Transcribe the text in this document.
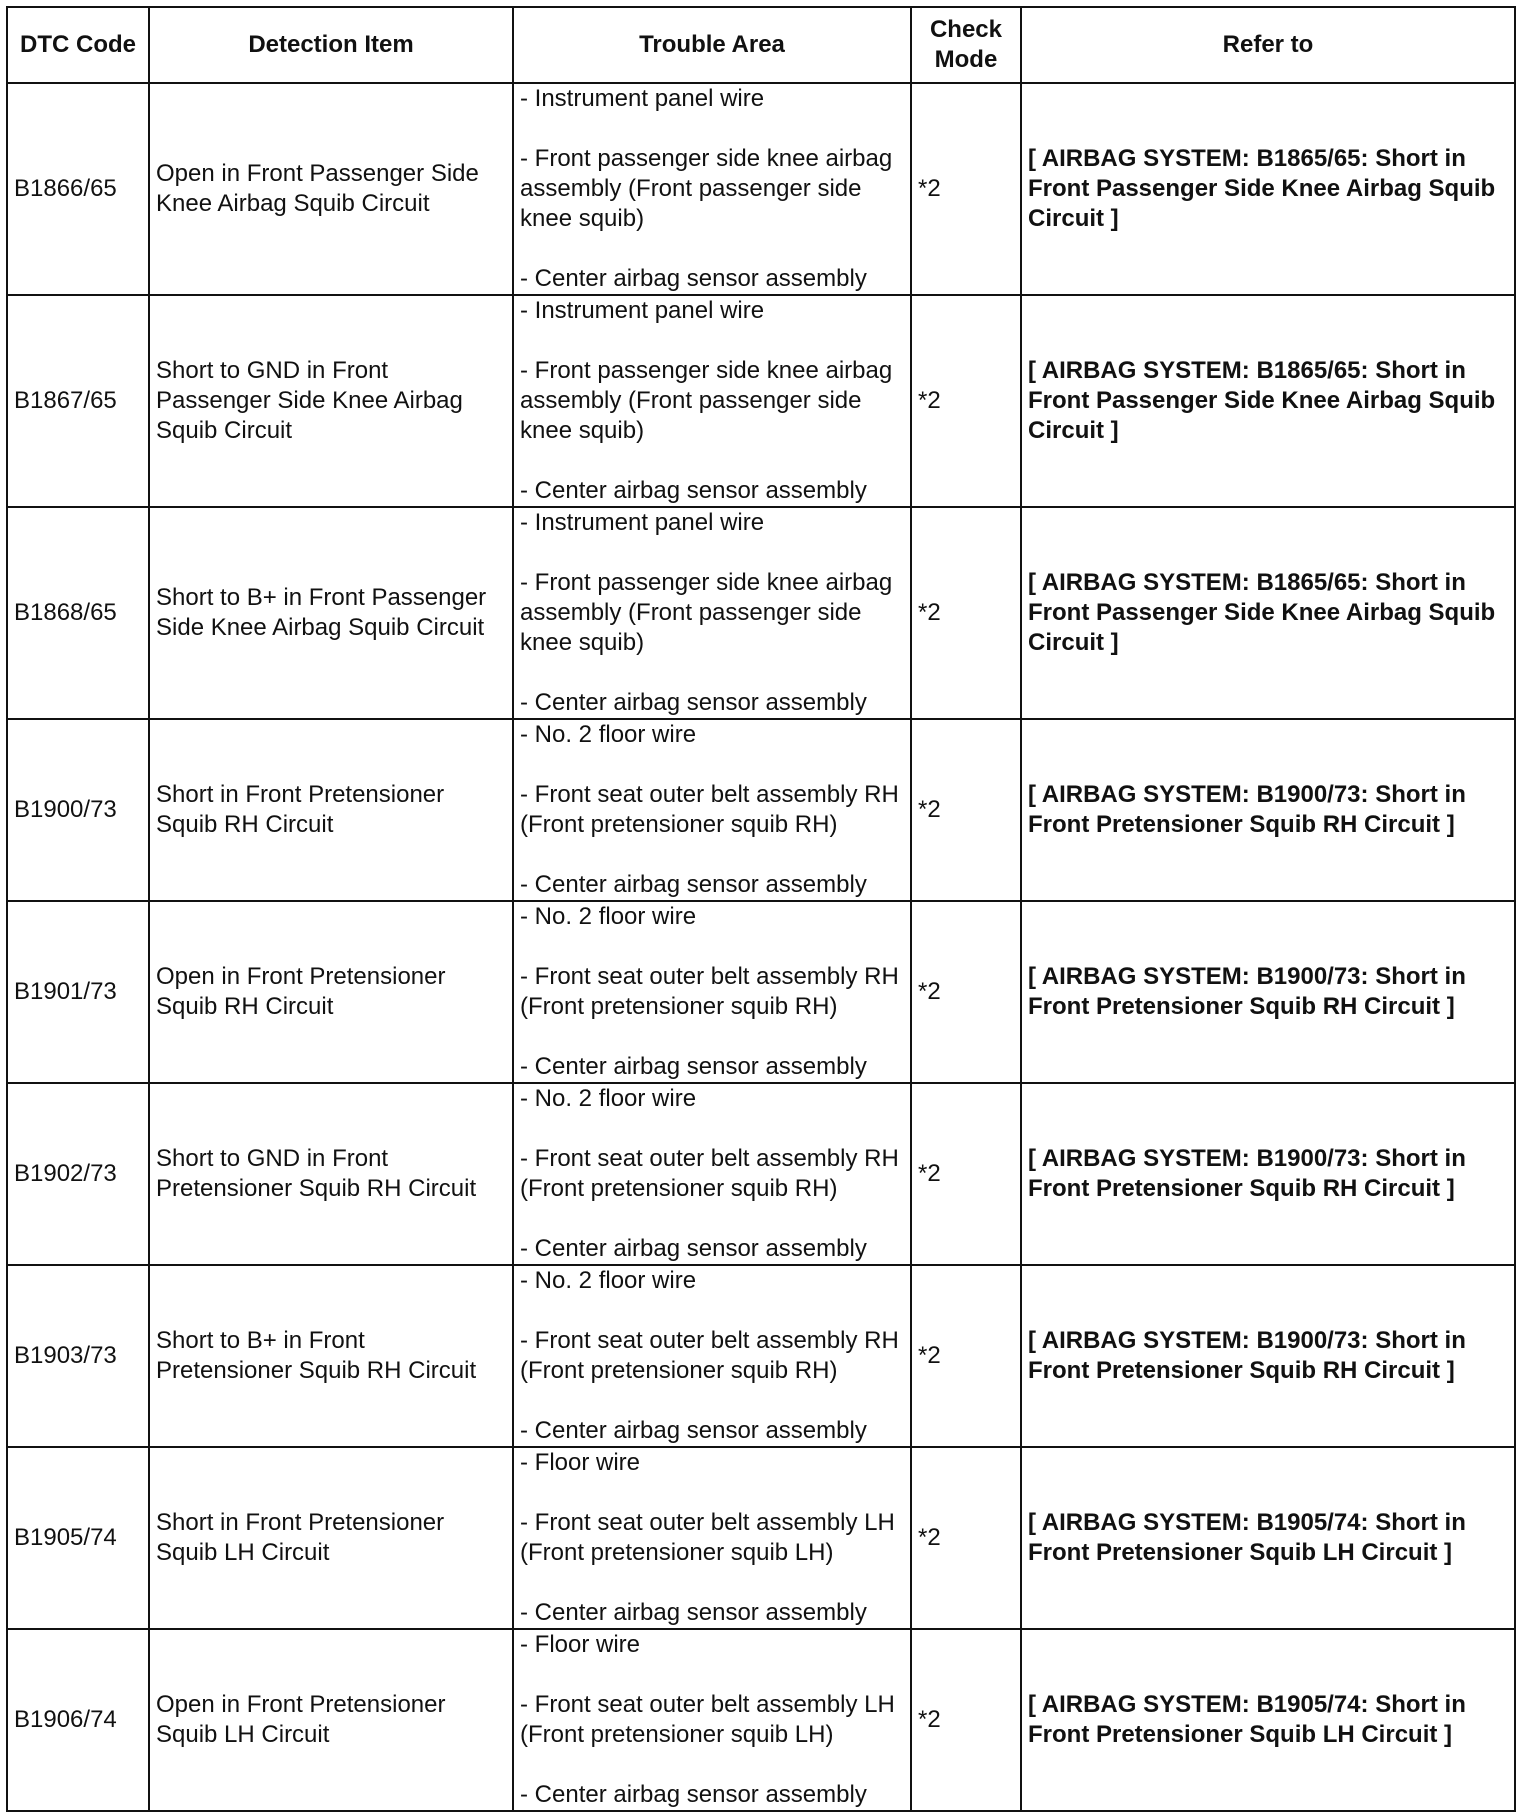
DTC Code	Detection Item	Trouble Area	Check
Mode	Refer to
B1866/65	Open in Front Passenger Side Knee Airbag Squib Circuit	- Instrument panel wire
- Front passenger side knee airbag assembly (Front passenger side knee squib)
- Center airbag sensor assembly	*2	[ AIRBAG SYSTEM: B1865/65: Short in Front Passenger Side Knee Airbag Squib Circuit ]
B1867/65	Short to GND in Front Passenger Side Knee Airbag Squib Circuit	- Instrument panel wire
- Front passenger side knee airbag assembly (Front passenger side knee squib)
- Center airbag sensor assembly	*2	[ AIRBAG SYSTEM: B1865/65: Short in Front Passenger Side Knee Airbag Squib Circuit ]
B1868/65	Short to B+ in Front Passenger Side Knee Airbag Squib Circuit	- Instrument panel wire
- Front passenger side knee airbag assembly (Front passenger side knee squib)
- Center airbag sensor assembly	*2	[ AIRBAG SYSTEM: B1865/65: Short in Front Passenger Side Knee Airbag Squib Circuit ]
B1900/73	Short in Front Pretensioner Squib RH Circuit	- No. 2 floor wire
- Front seat outer belt assembly RH (Front pretensioner squib RH)
- Center airbag sensor assembly	*2	[ AIRBAG SYSTEM: B1900/73: Short in Front Pretensioner Squib RH Circuit ]
B1901/73	Open in Front Pretensioner Squib RH Circuit	- No. 2 floor wire
- Front seat outer belt assembly RH (Front pretensioner squib RH)
- Center airbag sensor assembly	*2	[ AIRBAG SYSTEM: B1900/73: Short in Front Pretensioner Squib RH Circuit ]
B1902/73	Short to GND in Front Pretensioner Squib RH Circuit	- No. 2 floor wire
- Front seat outer belt assembly RH (Front pretensioner squib RH)
- Center airbag sensor assembly	*2	[ AIRBAG SYSTEM: B1900/73: Short in Front Pretensioner Squib RH Circuit ]
B1903/73	Short to B+ in Front Pretensioner Squib RH Circuit	- No. 2 floor wire
- Front seat outer belt assembly RH (Front pretensioner squib RH)
- Center airbag sensor assembly	*2	[ AIRBAG SYSTEM: B1900/73: Short in Front Pretensioner Squib RH Circuit ]
B1905/74	Short in Front Pretensioner Squib LH Circuit	- Floor wire
- Front seat outer belt assembly LH (Front pretensioner squib LH)
- Center airbag sensor assembly	*2	[ AIRBAG SYSTEM: B1905/74: Short in Front Pretensioner Squib LH Circuit ]
B1906/74	Open in Front Pretensioner Squib LH Circuit	- Floor wire
- Front seat outer belt assembly LH (Front pretensioner squib LH)
- Center airbag sensor assembly	*2	[ AIRBAG SYSTEM: B1905/74: Short in Front Pretensioner Squib LH Circuit ]
